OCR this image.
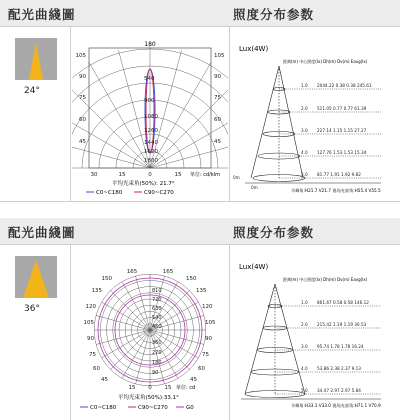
配光曲綫圖	照度分布参数
24°
180
540
900
1080
1260
1440
1620
1800
105
90
75
60
45
105
90
75
60
45
30	15	0	15 单位: cd/klm
平均光束角(50%): 21.7°
C0~C180	C90~C270
Lux(4W)
距离(m) 中心照度(lx) Dh(m) Dv(m) Eavg(lx)
1.0 2044.22 0.38 0.38 245.61
2.0 511.05 0.77 0.77 61.39
3.0 227.14 1.15 1.15 27.27
4.0 127.76 1.53 1.53 15.34
5.0 81.77 1.91 1.92 9.82
0m
0m
半峰角:H21.7 V21.7 视场光束角:H55.4 V55.5
配光曲綫圖	照度分布参数
36°
165	165
150
135
120
105
90
75
60
45
150
135
120
105
90
75
60
45
810
720
630
540
450
360
270
180
90
15 0 15 单位: cd
平均光束角(50%):33.1°
C0~C180	C90~C270	G0
Lux(4W)
距离(m) 中心照度(lx) Dh(m) Dv(m) Eavg(lx)
1.0 861.67 0.58 0.58 146.12
2.0 215.42 1.19 1.19 36.53
3.0 95.74 1.78 1.78 16.24
4.0 53.86 2.38 2.37 9.13
5.0 34.47 2.97 2.97 5.84
半峰角:H33.1 V33.0 视场光束角:H71.1 V70.9
